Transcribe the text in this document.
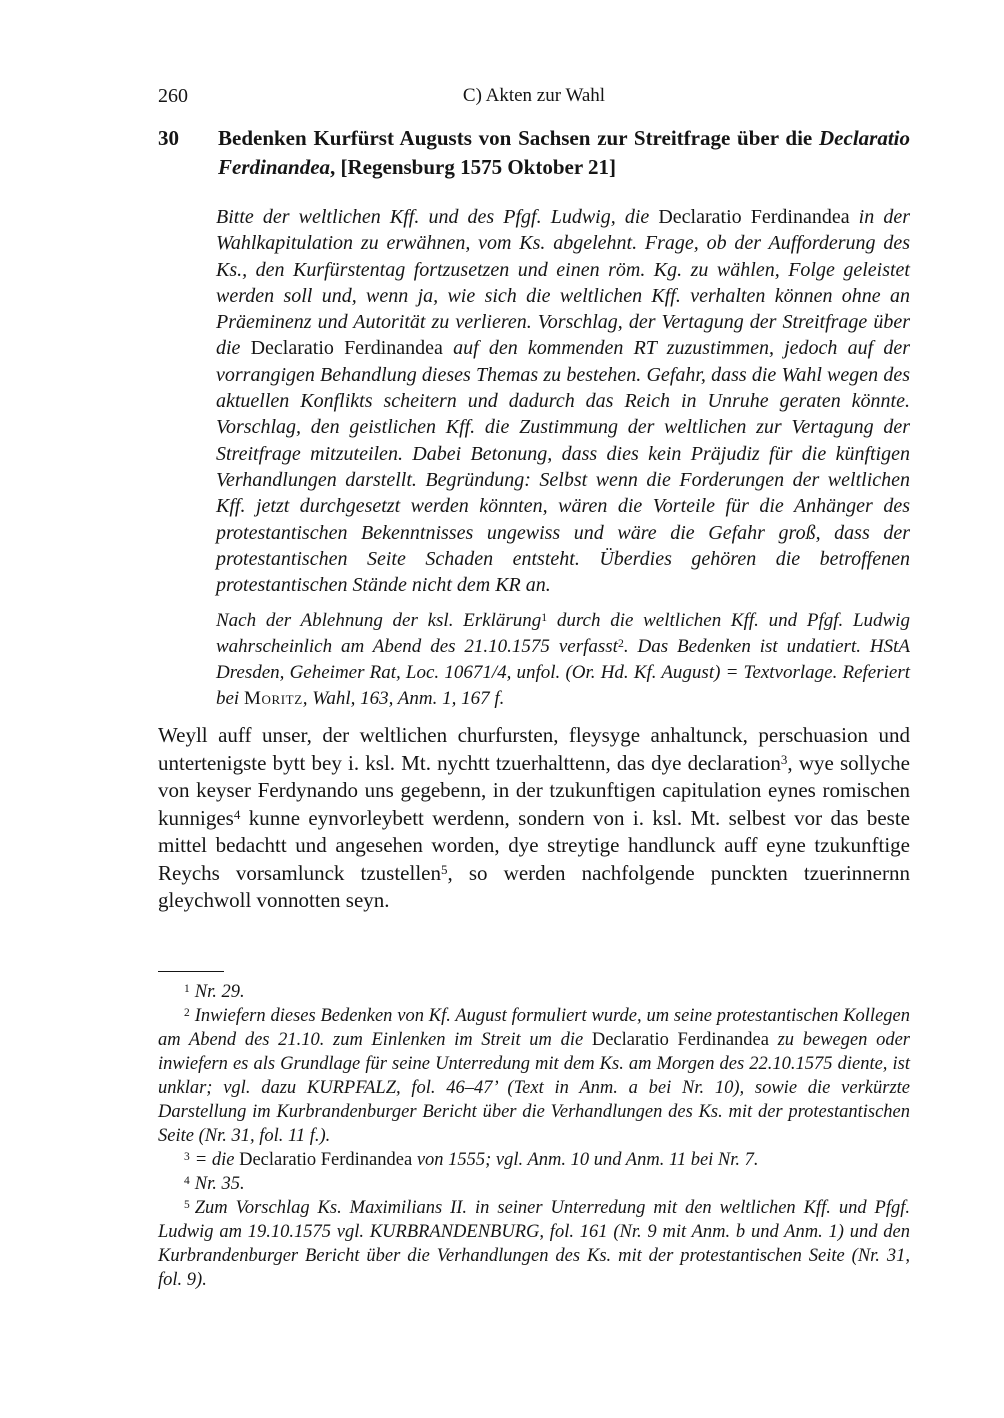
260	C) Akten zur Wahl
30	Bedenken Kurfürst Augusts von Sachsen zur Streitfrage über die Declaratio Ferdinandea, [Regensburg 1575 Oktober 21]

Bitte der weltlichen Kff. und des Pfgf. Ludwig, die Declaratio Ferdinandea in der Wahlkapitulation zu erwähnen, vom Ks. abgelehnt. Frage, ob der Aufforderung des Ks., den Kurfürstentag fortzusetzen und einen röm. Kg. zu wählen, Folge geleistet werden soll und, wenn ja, wie sich die weltlichen Kff. verhalten können ohne an Präeminenz und Autorität zu verlieren. Vorschlag, der Vertagung der Streitfrage über die Declaratio Ferdinandea auf den kommenden RT zuzustimmen, jedoch auf der vorrangigen Behandlung dieses Themas zu bestehen. Gefahr, dass die Wahl wegen des aktuellen Konflikts scheitern und dadurch das Reich in Unruhe geraten könnte. Vorschlag, den geistlichen Kff. die Zustimmung der weltlichen zur Vertagung der Streitfrage mitzuteilen. Dabei Betonung, dass dies kein Präjudiz für die künftigen Verhandlungen darstellt. Begründung: Selbst wenn die Forderungen der weltlichen Kff. jetzt durchgesetzt werden könnten, wären die Vorteile für die Anhänger des protestantischen Bekenntnisses ungewiss und wäre die Gefahr groß, dass der protestantischen Seite Schaden entsteht. Überdies gehören die betroffenen protestantischen Stände nicht dem KR an.

Nach der Ablehnung der ksl. Erklärung$^1$ durch die weltlichen Kff. und Pfgf. Ludwig wahrscheinlich am Abend des 21.10.1575 verfasst$^2$. Das Bedenken ist undatiert. HStA Dresden, Geheimer Rat, Loc. 10671/4, unfol. (Or. Hd. Kf. August) = Textvorlage. Referiert bei Moritz, Wahl, 163, Anm. 1, 167 f.

Weyll auff unser, der weltlichen churfursten, fleysyge anhaltunck, perschuasion und untertenigste bytt bey i. ksl. Mt. nychtt tzuerhalttenn, das dye declaration$^3$, wye sollyche von keyser Ferdynando uns gegebenn, in der tzukunftigen capitulation eynes romischen kunniges$^4$ kunne eynvorleybett werdenn, sondern von i. ksl. Mt. selbest vor das beste mittel bedachtt und angesehen worden, dye streytige handlunck auff eyne tzukunftige Reychs vorsamlunck tzustellen$^5$, so werden nachfolgende punckten tzuerinnernn gleychwoll vonnotten seyn.

$^1$ Nr. 29.

$^2$ Inwiefern dieses Bedenken von Kf. August formuliert wurde, um seine protestantischen Kollegen am Abend des 21.10. zum Einlenken im Streit um die Declaratio Ferdinandea zu bewegen oder inwiefern es als Grundlage für seine Unterredung mit dem Ks. am Morgen des 22.10.1575 diente, ist unklar; vgl. dazu KURPFALZ, fol. 46–47’ (Text in Anm. a bei Nr. 10), sowie die verkürzte Darstellung im Kurbrandenburger Bericht über die Verhandlungen des Ks. mit der protestantischen Seite (Nr. 31, fol. 11 f.).

$^3$ = die Declaratio Ferdinandea von 1555; vgl. Anm. 10 und Anm. 11 bei Nr. 7.

$^4$ Nr. 35.

$^5$ Zum Vorschlag Ks. Maximilians II. in seiner Unterredung mit den weltlichen Kff. und Pfgf. Ludwig am 19.10.1575 vgl. KURBRANDENBURG, fol. 161 (Nr. 9 mit Anm. b und Anm. 1) und den Kurbrandenburger Bericht über die Verhandlungen des Ks. mit der protestantischen Seite (Nr. 31, fol. 9).
